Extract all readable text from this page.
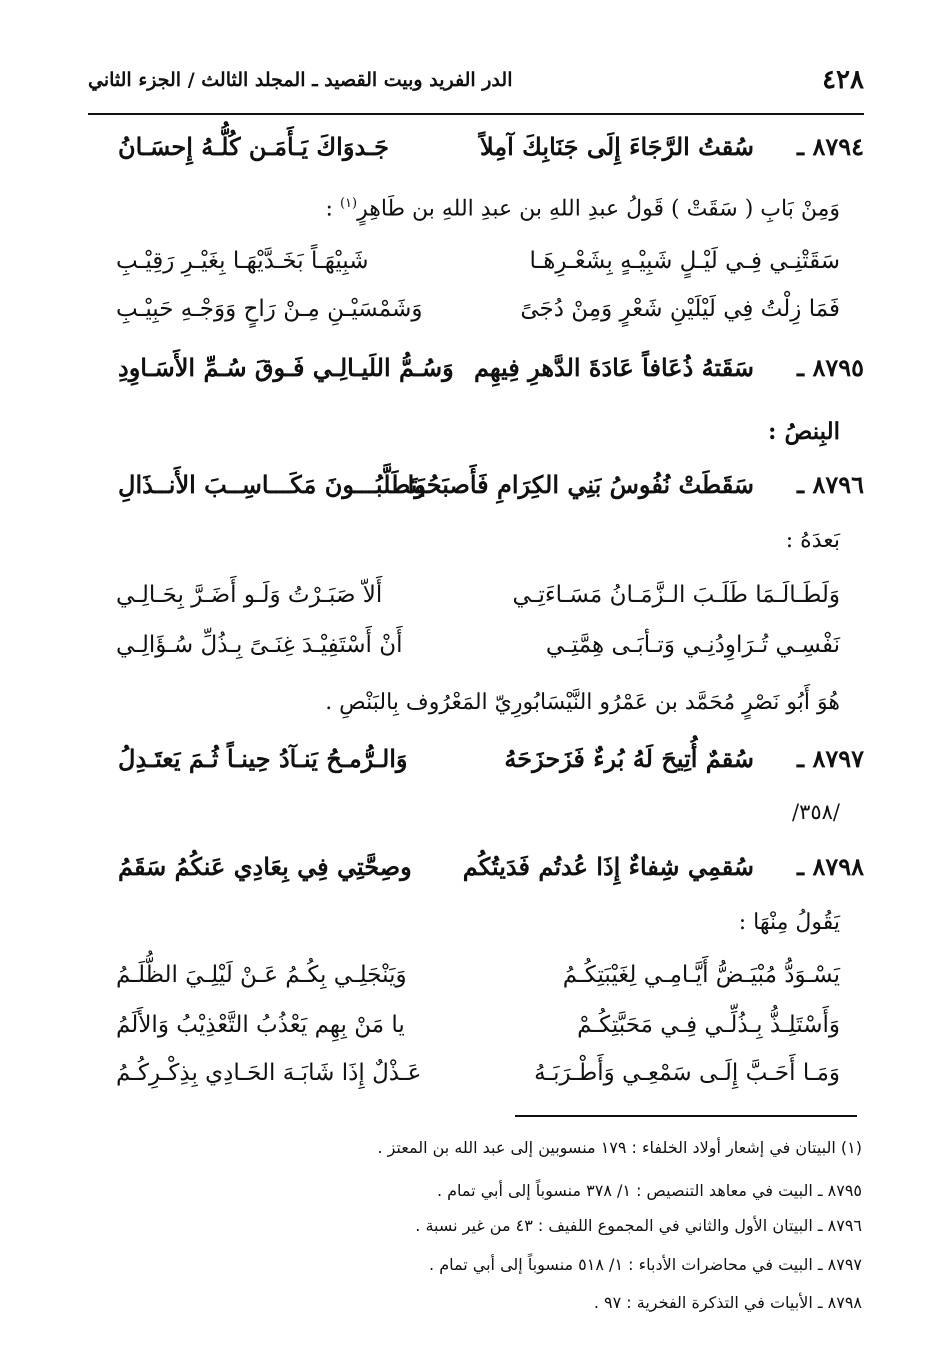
٤٢٨
الدر الفريد وبيت القصيد ـ المجلد الثالث / الجزء الثاني
٨٧٩٤ ـ
سُقتُ الرَّجَاءَ إِلَى جَنَابِكَ آمِلاً
جَـدوَاكَ يَـأَمَـن كُلُّـهُ إِحسَـانُ
وَمِنْ بَابِ ( سَقَتْ ) قَولُ عبدِ اللهِ بن عبدِ اللهِ بن طَاهِرٍ$^{(١)}$ :
سَقَتْنِـي فِـي لَيْـلٍ شَبِيْـهٍ بِشَعْـرِهَـا
شَبِيْهَـاً بَخَـدَّيْهَـا بِغَيْـرِ رَقِيْـبِ
فَمَا زِلْتُ فِي لَيْلَيْنِ شَعْرٍ وَمِنْ دُجَىً
وَشَمْسَيْـنِ مِـنْ رَاحٍ وَوَجْـهِ حَبِيْـبِ
٨٧٩٥ ـ
سَقَتهُ ذُعَافاً عَادَةَ الدَّهرِ فِيهِم
وَسُـمُّ اللَيـالِـي فَـوقَ سُـمِّ الأَسَـاوِدِ
البِنصُ :
٨٧٩٦ ـ
سَقَطَتْ نُفُوسُ بَنِي الكِرَامِ فَأَصبَحُوا
يَتَطَلَّبُـــونَ مَكَـــاسِــبَ الأَنــذَالِ
بَعدَهُ :
وَلَطَـالَـمَا طَلَـبَ الـزَّمَـانُ مَسَـاءَتِـي
أَلاّ صَبَـرْتُ وَلَـو أَضَـرَّ بِحَـالِـي
نَفْسِـي تُـرَاوِدُنِـي وَتـأبَـى هِمَّتِـي
أَنْ أَسْتَفِيْـدَ غِنَـىً بِـذُلِّ سُـؤَالِـي
هُوَ أَبُو نَصْرٍ مُحَمَّد بن عَمْرُو النَّيْسَابُورِيّ المَعْرُوف بِالبَنْصِ .
٨٧٩٧ ـ
سُقمٌ أُتِيحَ لَهُ بُرءٌ فَزَحزَحَهُ
وَالـرُّمـحُ يَنـآدُ حِينـاً ثُـمَ يَعتَـدِلُ
/٣٥٨/
٨٧٩٨ ـ
سُقمِي شِفاءٌ إِذَا عُدتُم فَدَيتُكُم
وصِحَّتِي فِي بِعَادِي عَنكُمُ سَقَمُ
يَقُولُ مِنْهَا :
يَسْـوَدُّ مُبْيَـضُّ أَيَّـامِـي لِغَيْبَتِكُـمُ
وَيَنْجَلِـي بِكُـمُ عَـنْ لَيْلِـيَ الظُّلَـمُ
وَأَسْتَلِـذُّ بِـذُلِّـي فِـي مَحَبَّتِكُـمْ
يا مَنْ بِهِم يَعْذُبُ التَّعْذِيْبُ وَالأَلَمُ
وَمَـا أَحَـبَّ إِلَـى سَمْعِـي وَأَطْـرَبَـهُ
عَـذْلٌ إِذَا شَابَـهَ الحَـادِي بِذِكْـرِكُـمُ
(١) البيتان في إشعار أولاد الخلفاء : ١٧٩ منسوبين إلى عبد الله بن المعتز .
٨٧٩٥ ـ البيت في معاهد التنصيص : ١/ ٣٧٨ منسوباً إلى أبي تمام .
٨٧٩٦ ـ البيتان الأول والثاني في المجموع اللفيف : ٤٣ من غير نسبة .
٨٧٩٧ ـ البيت في محاضرات الأدباء : ١/ ٥١٨ منسوباً إلى أبي تمام .
٨٧٩٨ ـ الأبيات في التذكرة الفخرية : ٩٧ .
